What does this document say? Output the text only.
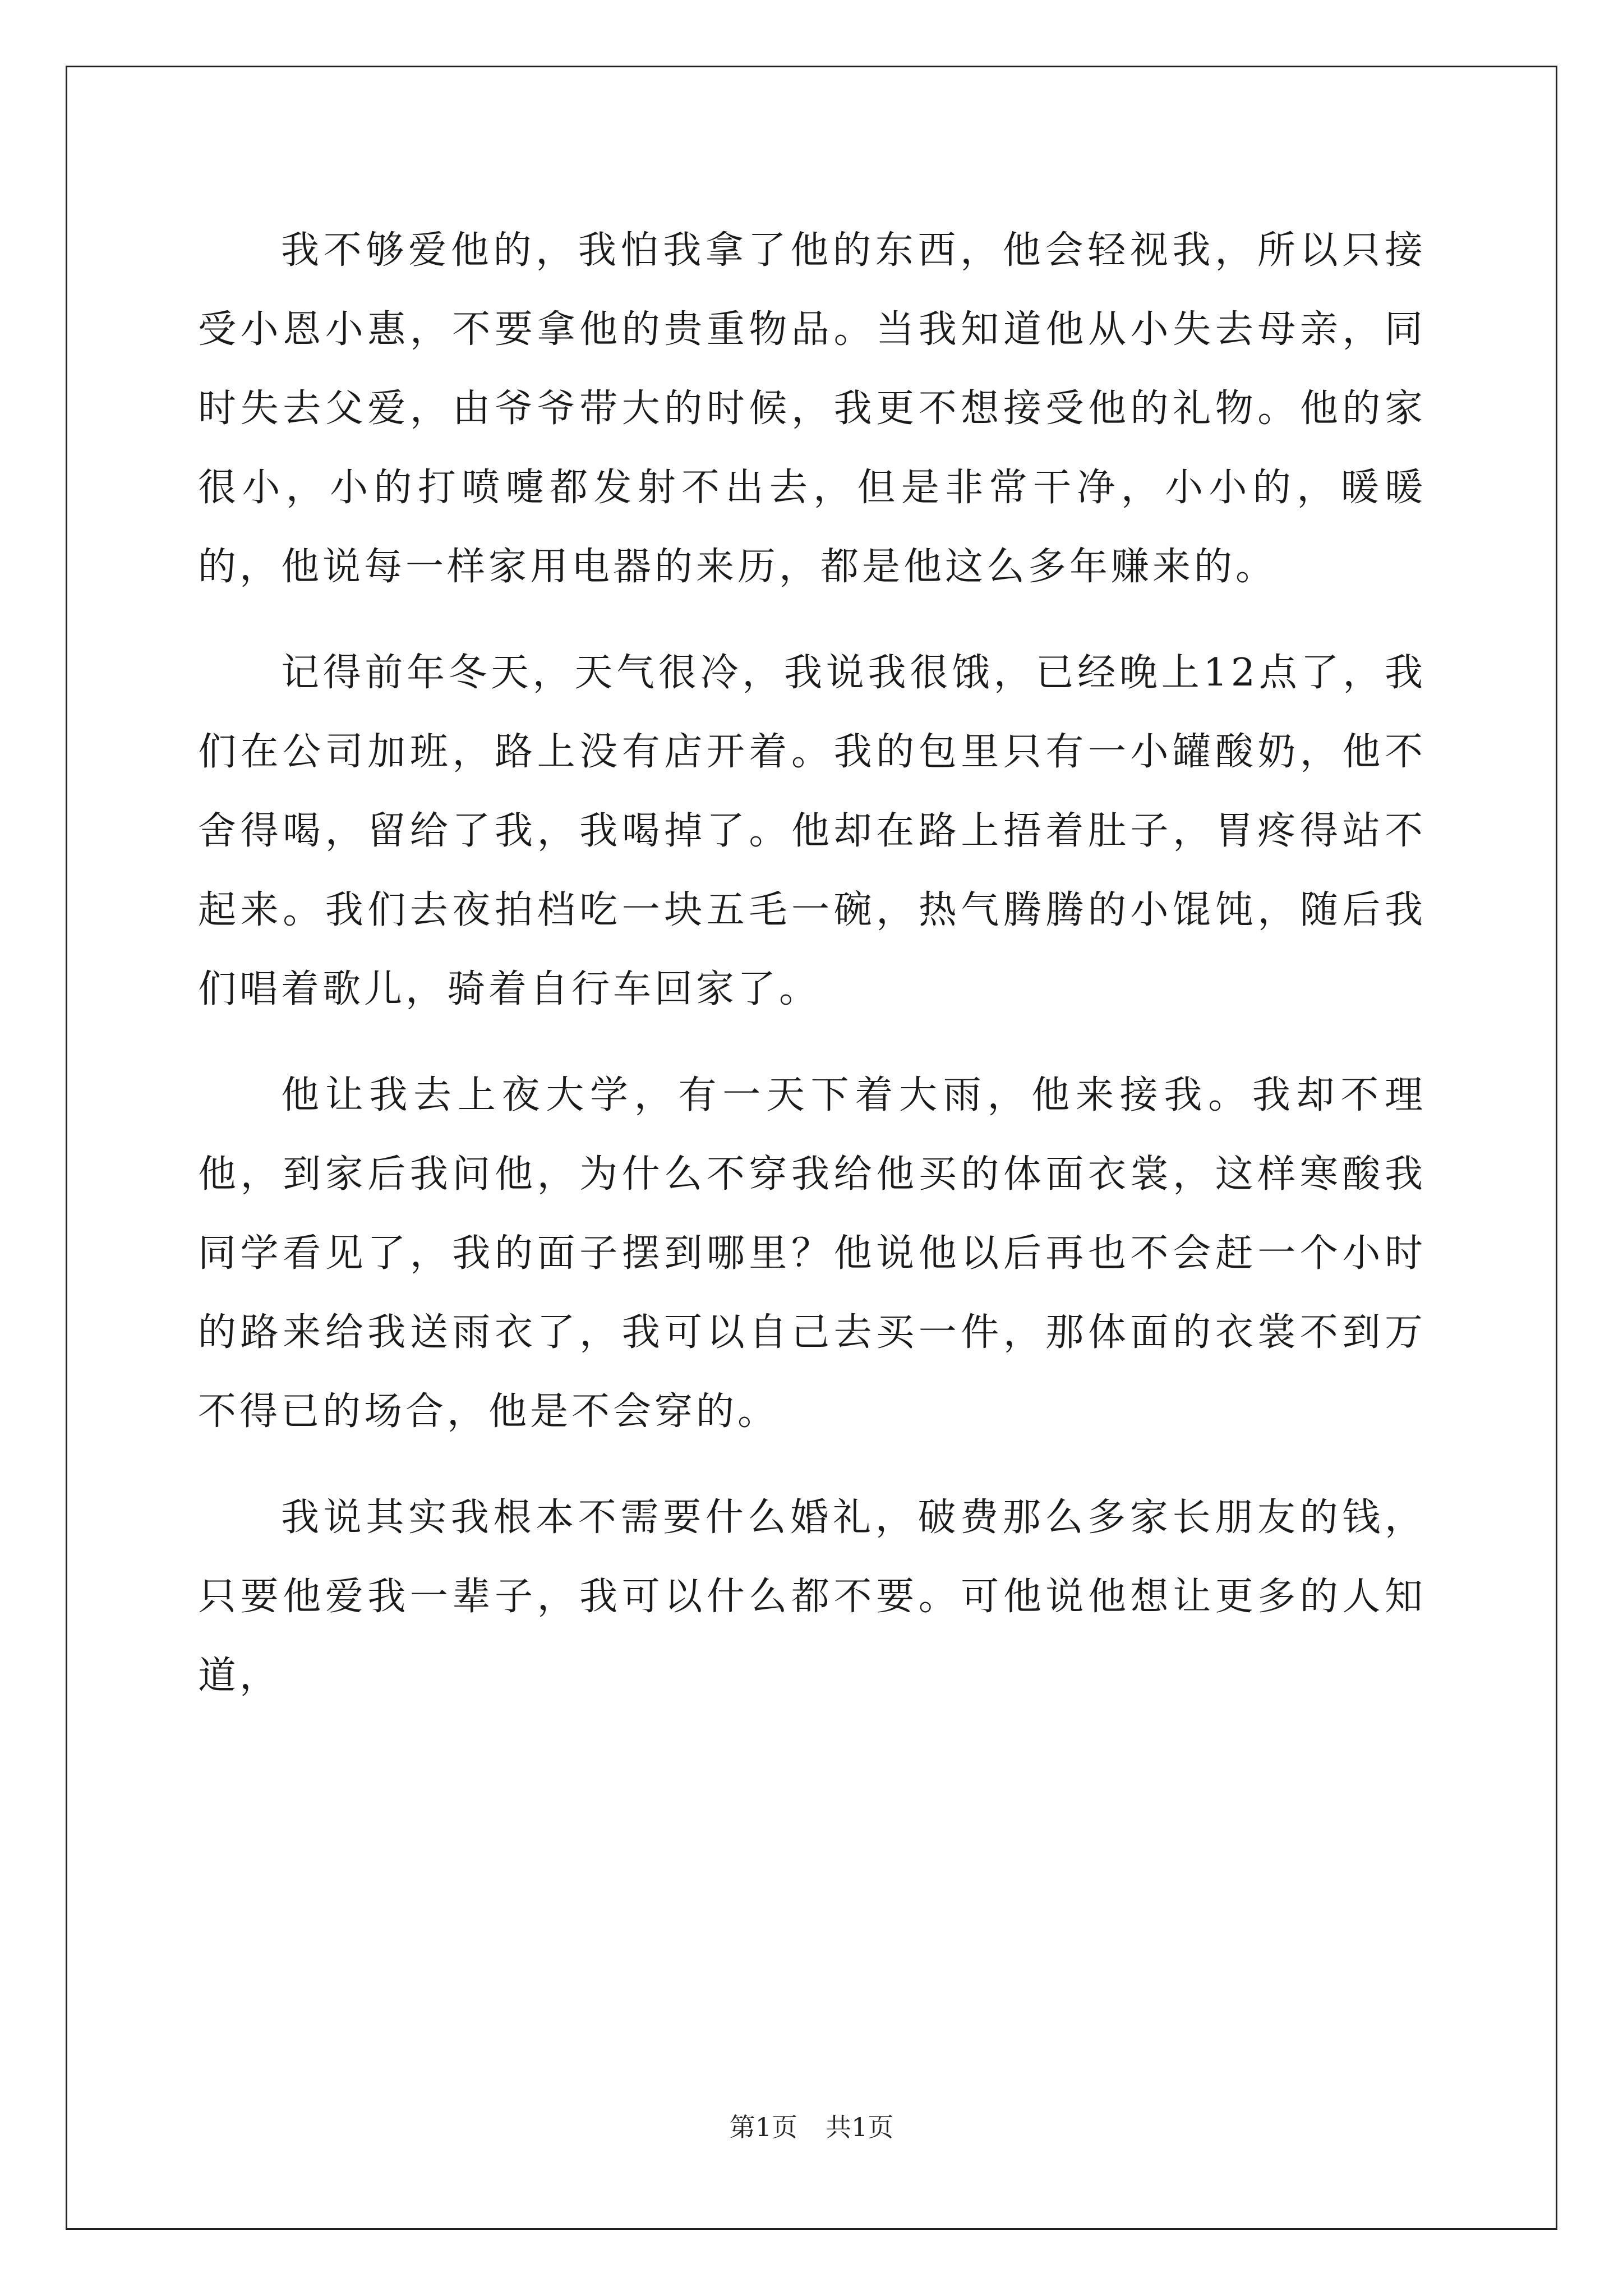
我不够爱他的，我怕我拿了他的东西，他会轻视我，所以只接受小恩小惠，不要拿他的贵重物品。当我知道他从小失去母亲，同时失去父爱，由爷爷带大的时候，我更不想接受他的礼物。他的家很小，小的打喷嚏都发射不出去，但是非常干净，小小的，暖暖的，他说每一样家用电器的来历，都是他这么多年赚来的。

记得前年冬天，天气很冷，我说我很饿，已经晚上12点了，我们在公司加班，路上没有店开着。我的包里只有一小罐酸奶，他不舍得喝，留给了我，我喝掉了。他却在路上捂着肚子，胃疼得站不起来。我们去夜拍档吃一块五毛一碗，热气腾腾的小馄饨，随后我们唱着歌儿，骑着自行车回家了。

他让我去上夜大学，有一天下着大雨，他来接我。我却不理他，到家后我问他，为什么不穿我给他买的体面衣裳，这样寒酸我同学看见了，我的面子摆到哪里？他说他以后再也不会赶一个小时的路来给我送雨衣了，我可以自己去买一件，那体面的衣裳不到万不得已的场合，他是不会穿的。

我说其实我根本不需要什么婚礼，破费那么多家长朋友的钱，只要他爱我一辈子，我可以什么都不要。可他说他想让更多的人知道，

第1页 共1页
